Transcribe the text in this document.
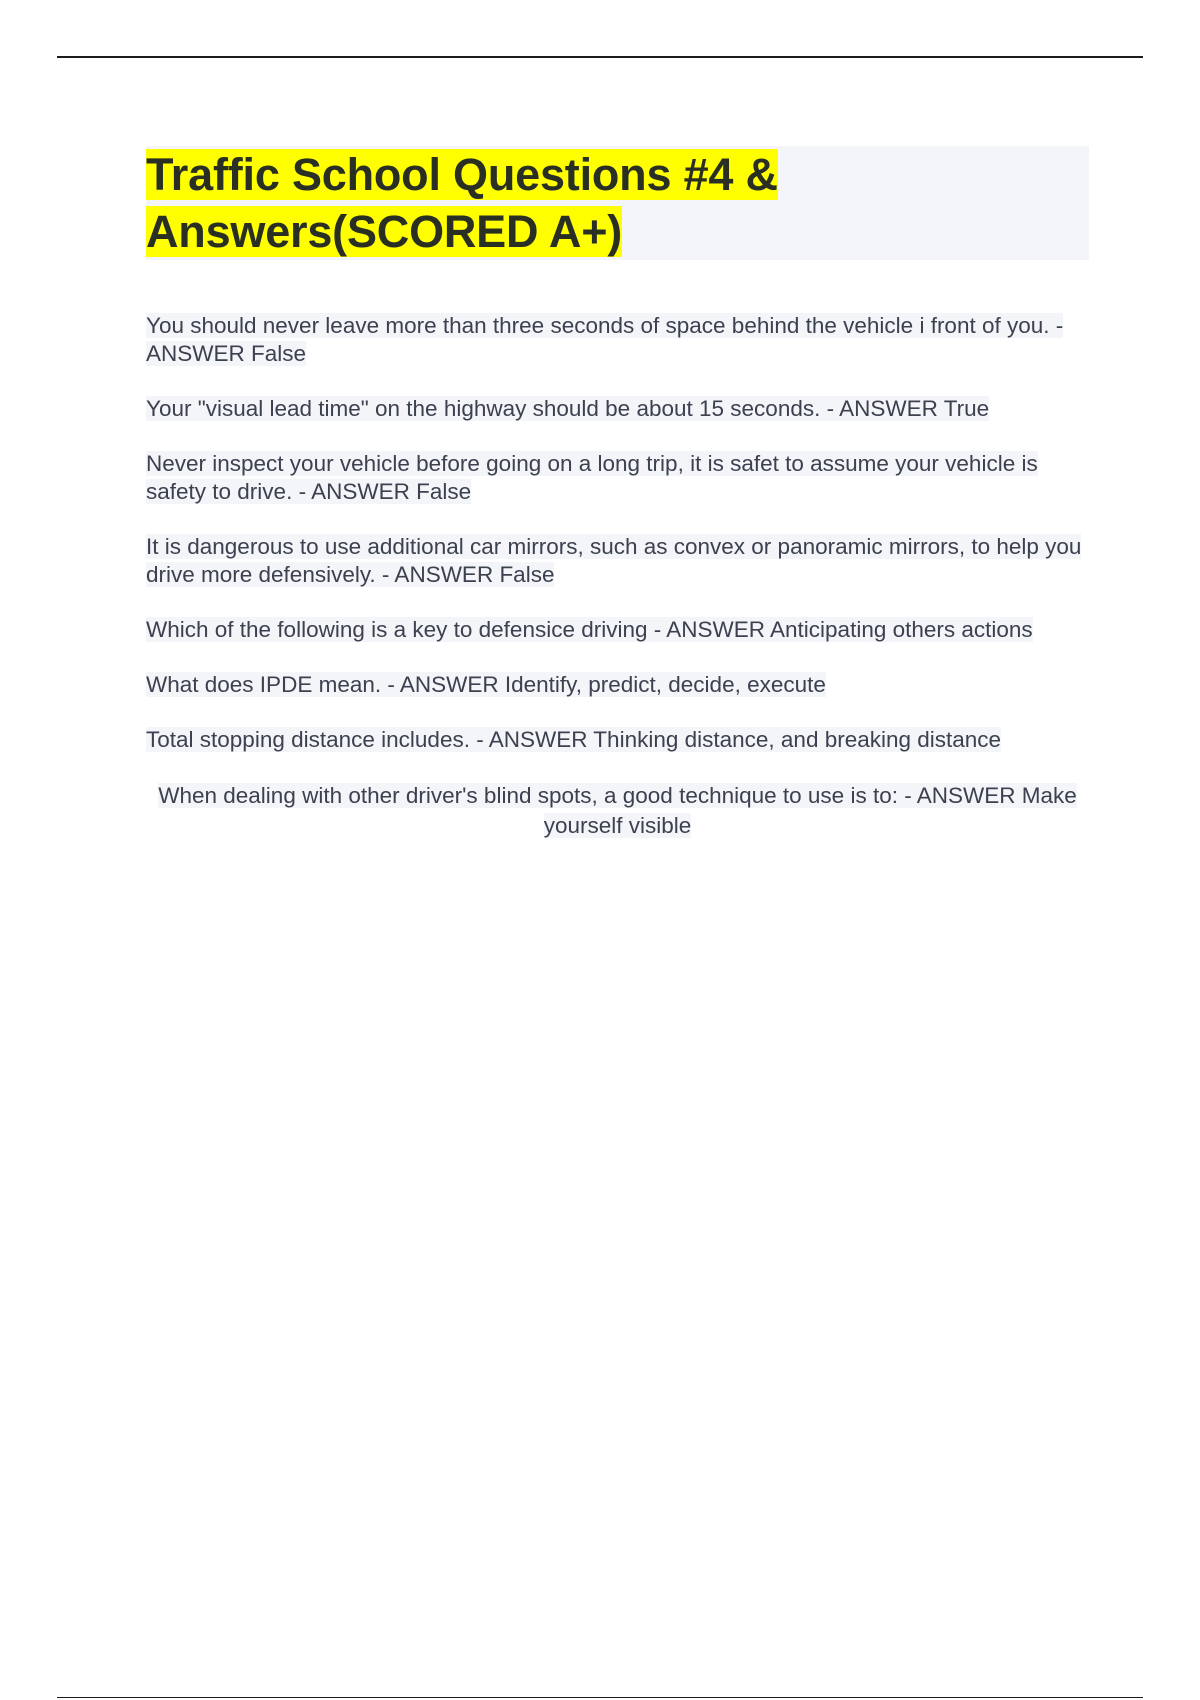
Traffic School Questions #4 &
Answers(SCORED A+)

You should never leave more than three seconds of space behind the vehicle i front of you. - ANSWER False

Your "visual lead time" on the highway should be about 15 seconds. - ANSWER True

Never inspect your vehicle before going on a long trip, it is safet to assume your vehicle is safety to drive. - ANSWER False

It is dangerous to use additional car mirrors, such as convex or panoramic mirrors, to help you drive more defensively. - ANSWER False

Which of the following is a key to defensice driving - ANSWER Anticipating others actions

What does IPDE mean. - ANSWER Identify, predict, decide, execute

Total stopping distance includes. - ANSWER Thinking distance, and breaking distance

When dealing with other driver's blind spots, a good technique to use is to: - ANSWER Make yourself visible
